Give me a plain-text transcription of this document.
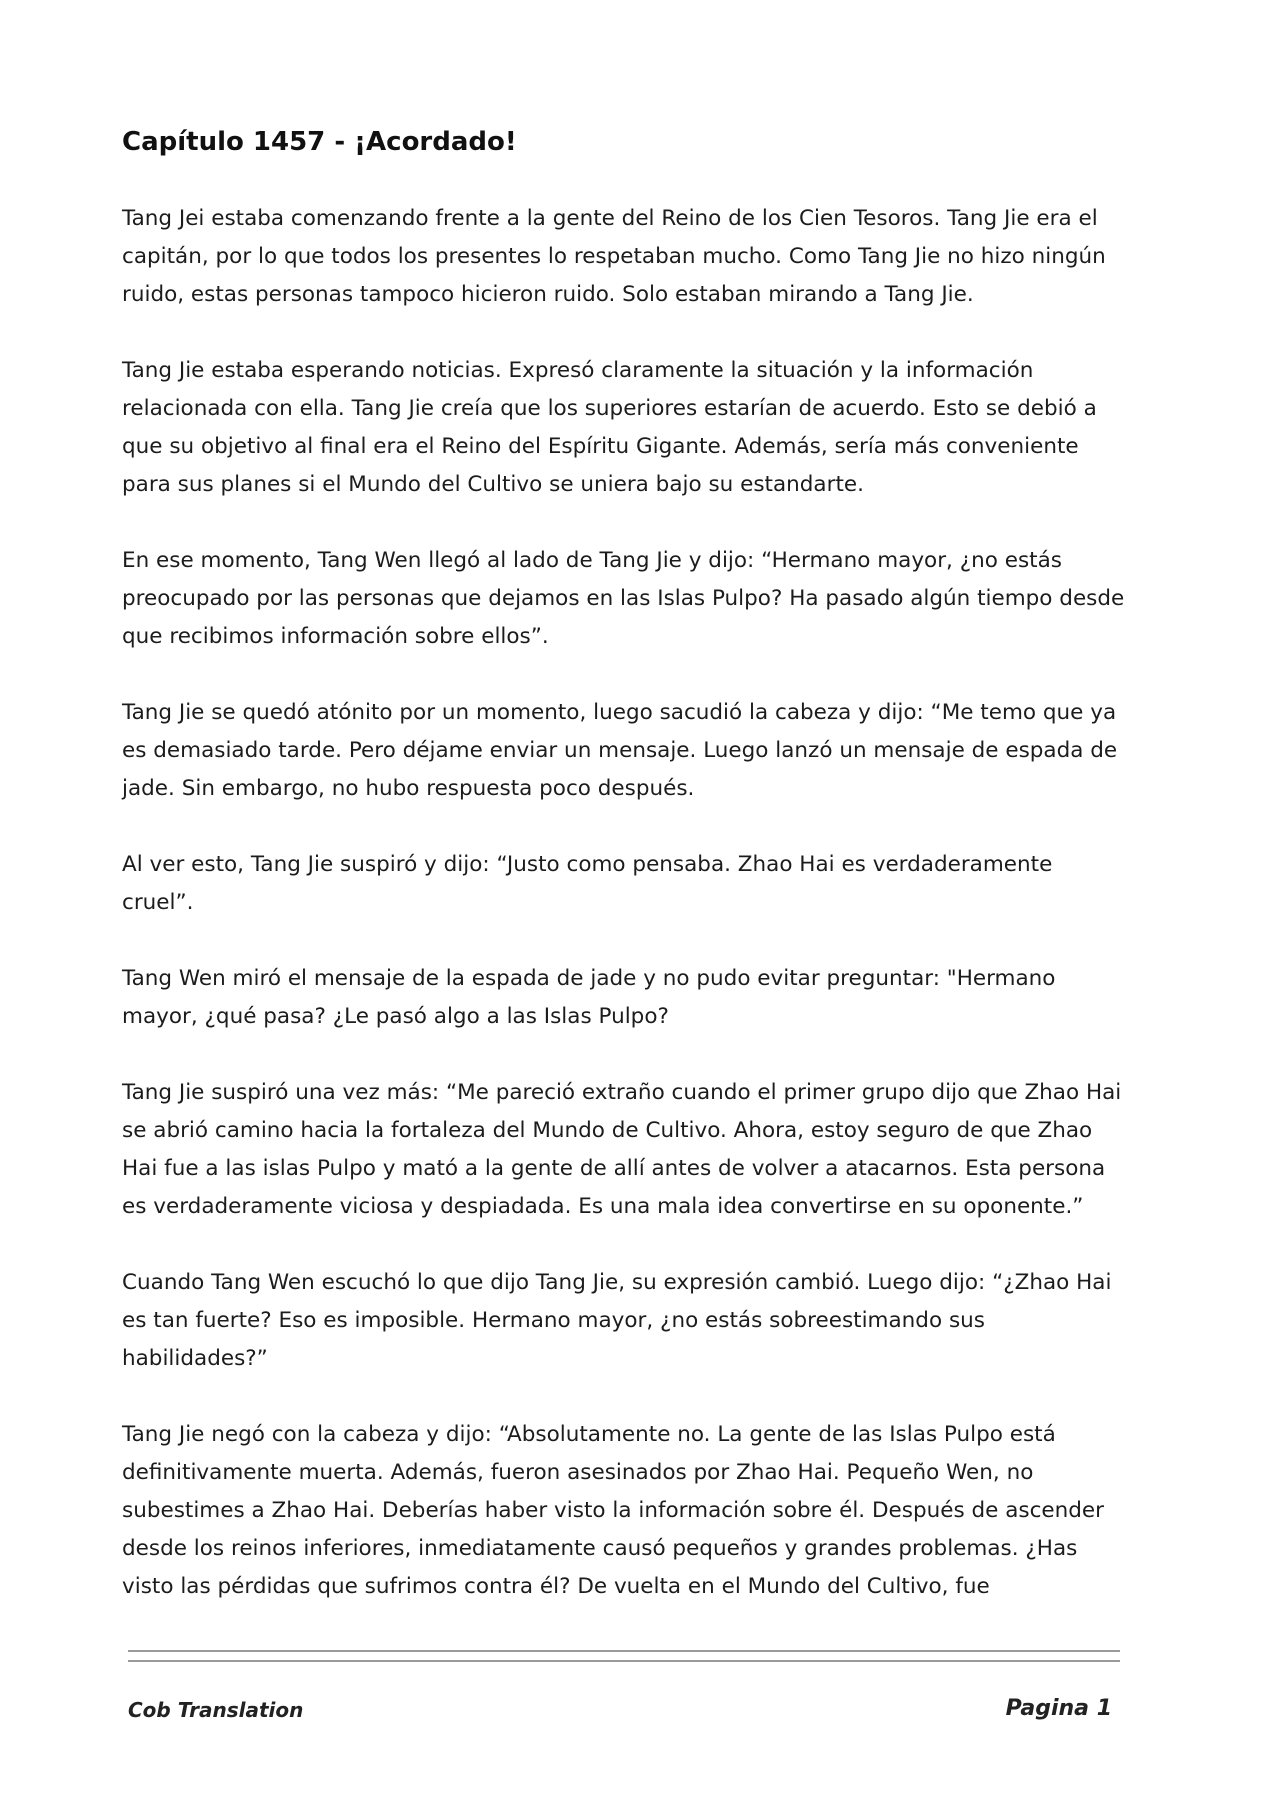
Capítulo 1457 - ¡Acordado!

Tang Jei estaba comenzando frente a la gente del Reino de los Cien Tesoros. Tang Jie era el capitán, por lo que todos los presentes lo respetaban mucho. Como Tang Jie no hizo ningún ruido, estas personas tampoco hicieron ruido. Solo estaban mirando a Tang Jie.

Tang Jie estaba esperando noticias. Expresó claramente la situación y la información relacionada con ella. Tang Jie creía que los superiores estarían de acuerdo. Esto se debió a que su objetivo al final era el Reino del Espíritu Gigante. Además, sería más conveniente para sus planes si el Mundo del Cultivo se uniera bajo su estandarte.

En ese momento, Tang Wen llegó al lado de Tang Jie y dijo: “Hermano mayor, ¿no estás preocupado por las personas que dejamos en las Islas Pulpo? Ha pasado algún tiempo desde que recibimos información sobre ellos”.

Tang Jie se quedó atónito por un momento, luego sacudió la cabeza y dijo: “Me temo que ya es demasiado tarde. Pero déjame enviar un mensaje. Luego lanzó un mensaje de espada de jade. Sin embargo, no hubo respuesta poco después.

Al ver esto, Tang Jie suspiró y dijo: “Justo como pensaba. Zhao Hai es verdaderamente cruel”.

Tang Wen miró el mensaje de la espada de jade y no pudo evitar preguntar: "Hermano mayor, ¿qué pasa? ¿Le pasó algo a las Islas Pulpo?

Tang Jie suspiró una vez más: “Me pareció extraño cuando el primer grupo dijo que Zhao Hai se abrió camino hacia la fortaleza del Mundo de Cultivo. Ahora, estoy seguro de que Zhao Hai fue a las islas Pulpo y mató a la gente de allí antes de volver a atacarnos. Esta persona es verdaderamente viciosa y despiadada. Es una mala idea convertirse en su oponente.”

Cuando Tang Wen escuchó lo que dijo Tang Jie, su expresión cambió. Luego dijo: “¿Zhao Hai es tan fuerte? Eso es imposible. Hermano mayor, ¿no estás sobreestimando sus habilidades?”

Tang Jie negó con la cabeza y dijo: “Absolutamente no. La gente de las Islas Pulpo está definitivamente muerta. Además, fueron asesinados por Zhao Hai. Pequeño Wen, no subestimes a Zhao Hai. Deberías haber visto la información sobre él. Después de ascender desde los reinos inferiores, inmediatamente causó pequeños y grandes problemas. ¿Has visto las pérdidas que sufrimos contra él? De vuelta en el Mundo del Cultivo, fue

Cob Translation	Pagina 1
